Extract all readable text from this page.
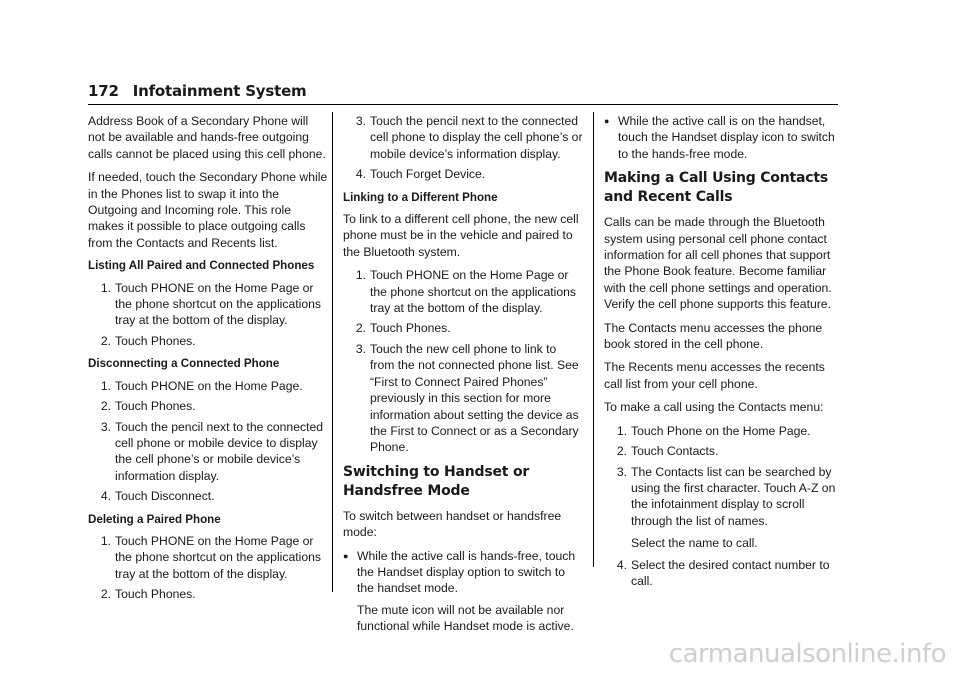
172 Infotainment System

Address Book of a Secondary Phone will not be available and hands-free outgoing calls cannot be placed using this cell phone.

If needed, touch the Secondary Phone while in the Phones list to swap it into the Outgoing and Incoming role. This role makes it possible to place outgoing calls from the Contacts and Recents list.

Listing All Paired and Connected Phones
1. Touch PHONE on the Home Page or the phone shortcut on the applications tray at the bottom of the display.
2. Touch Phones.
Disconnecting a Connected Phone
1. Touch PHONE on the Home Page.
2. Touch Phones.
3. Touch the pencil next to the connected cell phone or mobile device to display the cell phone’s or mobile device’s information display.
4. Touch Disconnect.
Deleting a Paired Phone
1. Touch PHONE on the Home Page or the phone shortcut on the applications tray at the bottom of the display.
2. Touch Phones.
3. Touch the pencil next to the connected cell phone to display the cell phone’s or mobile device’s information display.
4. Touch Forget Device.
Linking to a Different Phone

To link to a different cell phone, the new cell phone must be in the vehicle and paired to the Bluetooth system.

1. Touch PHONE on the Home Page or the phone shortcut on the applications tray at the bottom of the display.
2. Touch Phones.
3. Touch the new cell phone to link to from the not connected phone list. See “First to Connect Paired Phones” previously in this section for more information about setting the device as the First to Connect or as a Secondary Phone.
Switching to Handset or Handsfree Mode

To switch between handset or handsfree mode:

● While the active call is hands-free, touch the Handset display option to switch to the handset mode.
The mute icon will not be available nor functional while Handset mode is active.
● While the active call is on the handset, touch the Handset display icon to switch to the hands-free mode.
Making a Call Using Contacts and Recent Calls

Calls can be made through the Bluetooth system using personal cell phone contact information for all cell phones that support the Phone Book feature. Become familiar with the cell phone settings and operation. Verify the cell phone supports this feature.

The Contacts menu accesses the phone book stored in the cell phone.

The Recents menu accesses the recents call list from your cell phone.

To make a call using the Contacts menu:

1. Touch Phone on the Home Page.
2. Touch Contacts.
3. The Contacts list can be searched by using the first character. Touch A-Z on the infotainment display to scroll through the list of names.
Select the name to call.
4. Select the desired contact number to call.
carmanualsonline.info
